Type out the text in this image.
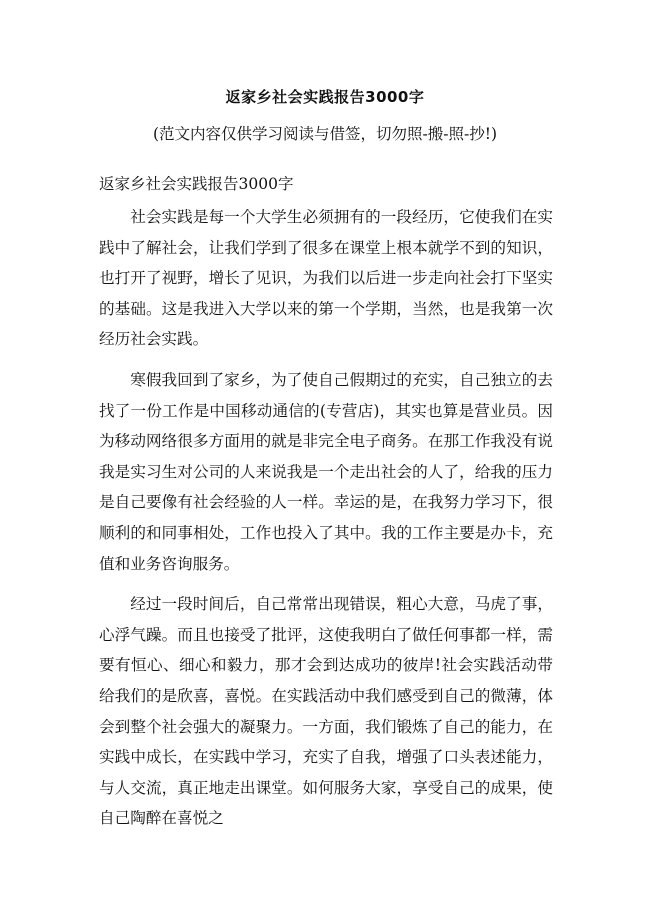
返家乡社会实践报告3000字

(范文内容仅供学习阅读与借签，切勿照-搬-照-抄!)

返家乡社会实践报告3000字

社会实践是每一个大学生必须拥有的一段经历，它使我们在实践中了解社会，让我们学到了很多在课堂上根本就学不到的知识，也打开了视野，增长了见识，为我们以后进一步走向社会打下坚实的基础。这是我进入大学以来的第一个学期，当然，也是我第一次经历社会实践。

寒假我回到了家乡，为了使自己假期过的充实，自己独立的去找了一份工作是中国移动通信的(专营店)，其实也算是营业员。因为移动网络很多方面用的就是非完全电子商务。在那工作我没有说我是实习生对公司的人来说我是一个走出社会的人了，给我的压力是自己要像有社会经验的人一样。幸运的是，在我努力学习下，很顺利的和同事相处，工作也投入了其中。我的工作主要是办卡，充值和业务咨询服务。

经过一段时间后，自己常常出现错误，粗心大意，马虎了事，心浮气躁。而且也接受了批评，这使我明白了做任何事都一样，需要有恒心、细心和毅力，那才会到达成功的彼岸!社会实践活动带给我们的是欣喜，喜悦。在实践活动中我们感受到自己的微薄，体会到整个社会强大的凝聚力。一方面，我们锻炼了自己的能力，在实践中成长，在实践中学习，充实了自我，增强了口头表述能力，与人交流，真正地走出课堂。如何服务大家，享受自己的成果，使自己陶醉在喜悦之
